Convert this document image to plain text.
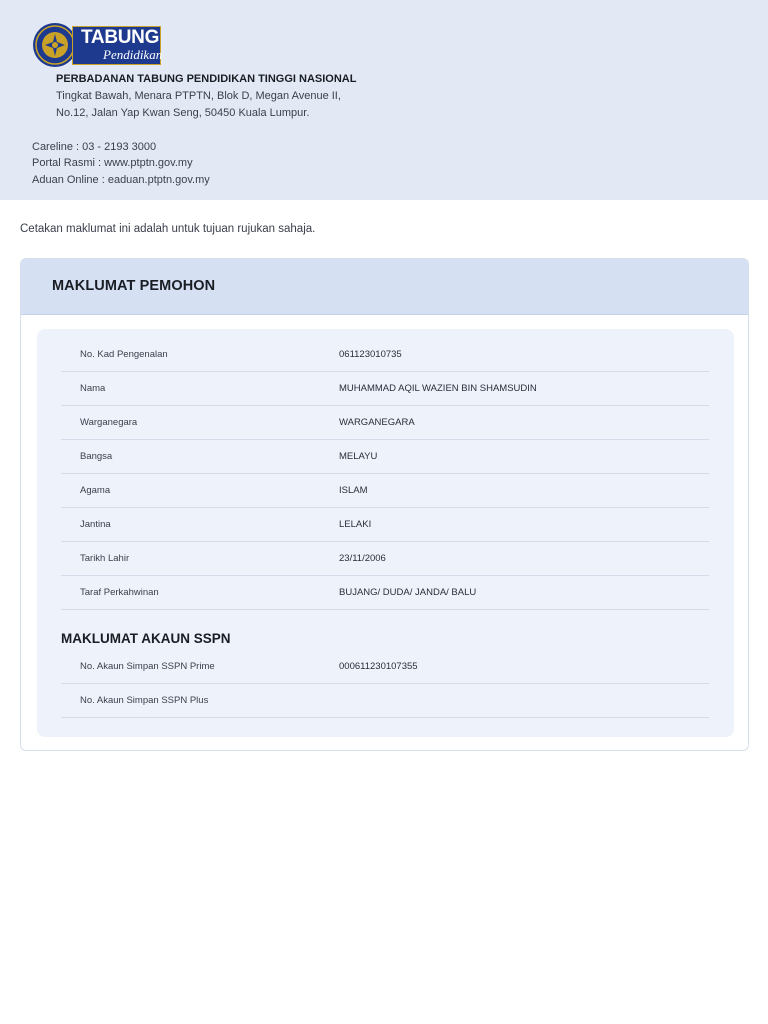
TABUNG
Pendidikan
PERBADANAN TABUNG PENDIDIKAN TINGGI NASIONAL
Tingkat Bawah, Menara PTPTN, Blok D, Megan Avenue II,
No.12, Jalan Yap Kwan Seng, 50450 Kuala Lumpur.
Careline : 03 - 2193 3000
Portal Rasmi : www.ptptn.gov.my
Aduan Online : eaduan.ptptn.gov.my
Cetakan maklumat ini adalah untuk tujuan rujukan sahaja.
MAKLUMAT PEMOHON
No. Kad Pengenalan	061123010735
Nama	MUHAMMAD AQIL WAZIEN BIN SHAMSUDIN
Warganegara	WARGANEGARA
Bangsa	MELAYU
Agama	ISLAM
Jantina	LELAKI
Tarikh Lahir	23/11/2006
Taraf Perkahwinan	BUJANG/ DUDA/ JANDA/ BALU
MAKLUMAT AKAUN SSPN
No. Akaun Simpan SSPN Prime	000611230107355
No. Akaun Simpan SSPN Plus
